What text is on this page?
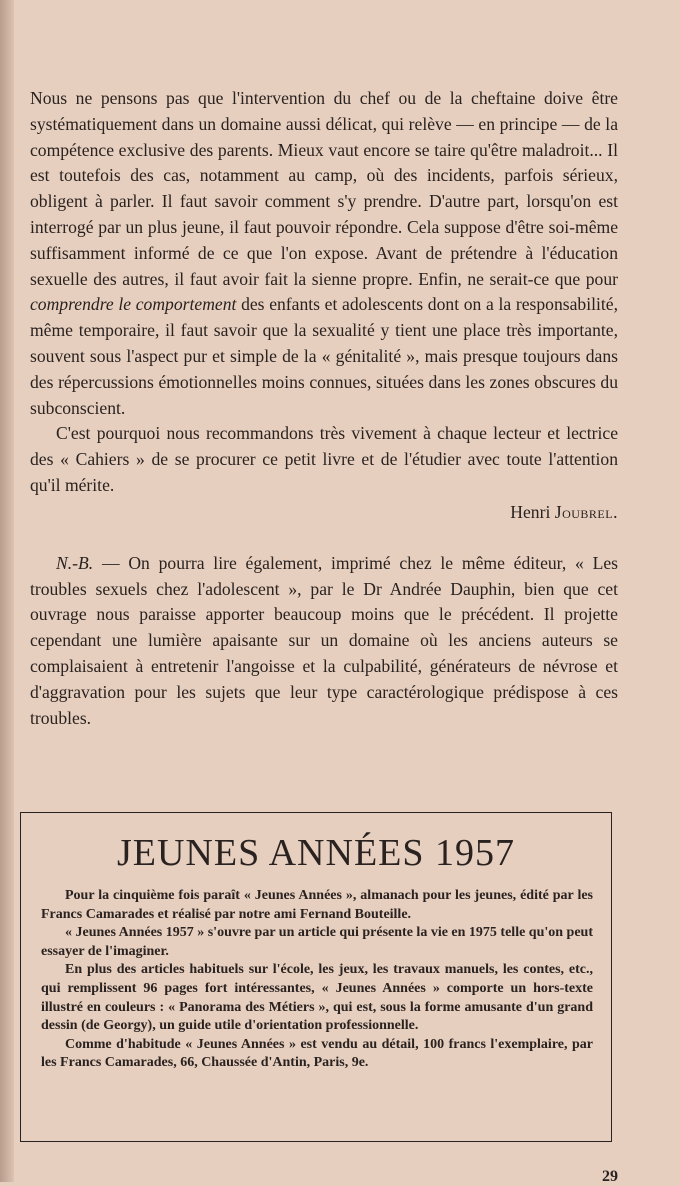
Nous ne pensons pas que l'intervention du chef ou de la cheftaine doive être systématiquement dans un domaine aussi délicat, qui relève — en principe — de la compétence exclusive des parents. Mieux vaut encore se taire qu'être maladroit... Il est toutefois des cas, notamment au camp, où des incidents, parfois sérieux, obligent à parler. Il faut savoir comment s'y prendre. D'autre part, lorsqu'on est interrogé par un plus jeune, il faut pouvoir répondre. Cela suppose d'être soi-même suffisamment informé de ce que l'on expose. Avant de prétendre à l'éducation sexuelle des autres, il faut avoir fait la sienne propre. Enfin, ne serait-ce que pour comprendre le comportement des enfants et adolescents dont on a la responsabilité, même temporaire, il faut savoir que la sexualité y tient une place très importante, souvent sous l'aspect pur et simple de la « génitalité », mais presque toujours dans des répercussions émotionnelles moins connues, situées dans les zones obscures du subconscient.

C'est pourquoi nous recommandons très vivement à chaque lecteur et lectrice des « Cahiers » de se procurer ce petit livre et de l'étudier avec toute l'attention qu'il mérite.

Henri Joubrel.

N.-B. — On pourra lire également, imprimé chez le même éditeur, « Les troubles sexuels chez l'adolescent », par le Dr Andrée Dauphin, bien que cet ouvrage nous paraisse apporter beaucoup moins que le précédent. Il projette cependant une lumière apaisante sur un domaine où les anciens auteurs se complaisaient à entretenir l'angoisse et la culpabilité, générateurs de névrose et d'aggravation pour les sujets que leur type caractérologique prédispose à ces troubles.

JEUNES ANNÉES 1957

Pour la cinquième fois paraît « Jeunes Années », almanach pour les jeunes, édité par les Francs Camarades et réalisé par notre ami Fernand Bouteille.

« Jeunes Années 1957 » s'ouvre par un article qui présente la vie en 1975 telle qu'on peut essayer de l'imaginer.

En plus des articles habituels sur l'école, les jeux, les travaux manuels, les contes, etc., qui remplissent 96 pages fort intéressantes, « Jeunes Années » comporte un hors-texte illustré en couleurs : « Panorama des Métiers », qui est, sous la forme amusante d'un grand dessin (de Georgy), un guide utile d'orientation professionnelle.

Comme d'habitude « Jeunes Années » est vendu au détail, 100 francs l'exemplaire, par les Francs Camarades, 66, Chaussée d'Antin, Paris, 9e.

29
